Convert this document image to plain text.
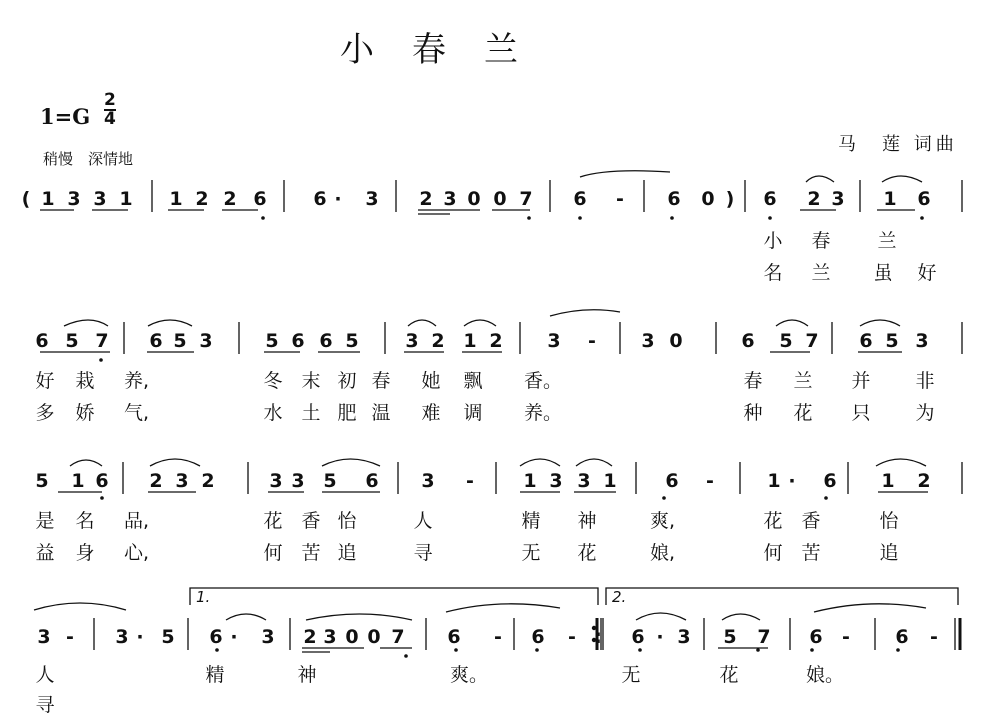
小　春　兰
1=G
2
4
稍慢　深情地
马　莲 词曲
1.	2.
( 1 3 3 1 1 2 2 6 6 · 3 2 3 0 0 7 6 - 6 0 ) 6 2 3 1 6
小 春 兰
名 兰 虽 好
6 5 7 6 5 3	5 6 6 5 3 2 1 2 3 - 3 0	6 5 7 6 5 3
好 栽 养,	冬 末 初 春 她 飘 香。	春 兰 并 非
多 娇 气,	水 土 肥 温 难 调 养。	种 花 只 为
5 1 6 2 3 2	3 3 5 6 3 -	1 3 3 1	6 -	1 · 6 1 2
是 名 品,	花 香 怡	人	精 神	爽,	花 香	怡
益 身 心,	何 苦 追	寻	无 花	娘,	何 苦	追
3 - 3 · 5 6 · 3 2 3 0 0 7 6 - 6 - : 6 · 3 5 7 6 - 6 -
人	精	神	爽。	无	花	娘。
寻
